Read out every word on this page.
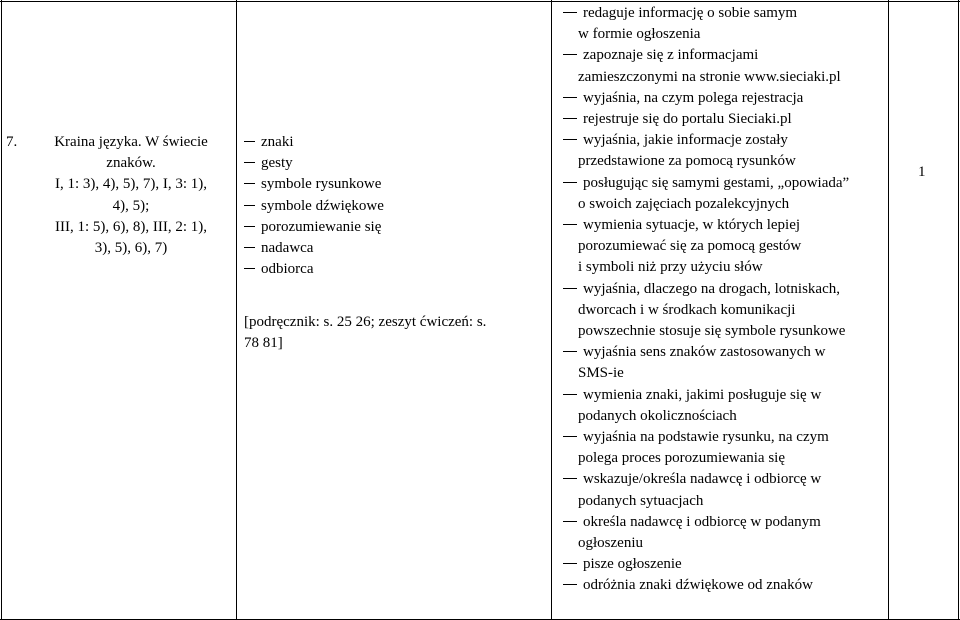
7.	Kraina języka. W świecie
znaków.
I, 1: 3), 4), 5), 7), I, 3: 1),
4), 5);
III, 1: 5), 6), 8), III, 2: 1),
3), 5), 6), 7)
znaki
gesty
symbole rysunkowe
symbole dźwiękowe
porozumiewanie się
nadawca
odbiorca
[podręcznik: s. 25 26; zeszyt ćwiczeń: s.
78 81]
redaguje informację o sobie samym
w formie ogłoszenia
zapoznaje się z informacjami
zamieszczonymi na stronie www.sieciaki.pl
wyjaśnia, na czym polega rejestracja
rejestruje się do portalu Sieciaki.pl
wyjaśnia, jakie informacje zostały
przedstawione za pomocą rysunków
posługując się samymi gestami, „opowiada”
o swoich zajęciach pozalekcyjnych
wymienia sytuacje, w których lepiej
porozumiewać się za pomocą gestów
i symboli niż przy użyciu słów
wyjaśnia, dlaczego na drogach, lotniskach,
dworcach i w środkach komunikacji
powszechnie stosuje się symbole rysunkowe
wyjaśnia sens znaków zastosowanych w
SMS-ie
wymienia znaki, jakimi posługuje się w
podanych okolicznościach
wyjaśnia na podstawie rysunku, na czym
polega proces porozumiewania się
wskazuje/określa nadawcę i odbiorcę w
podanych sytuacjach
określa nadawcę i odbiorcę w podanym
ogłoszeniu
pisze ogłoszenie
odróżnia znaki dźwiękowe od znaków
1
